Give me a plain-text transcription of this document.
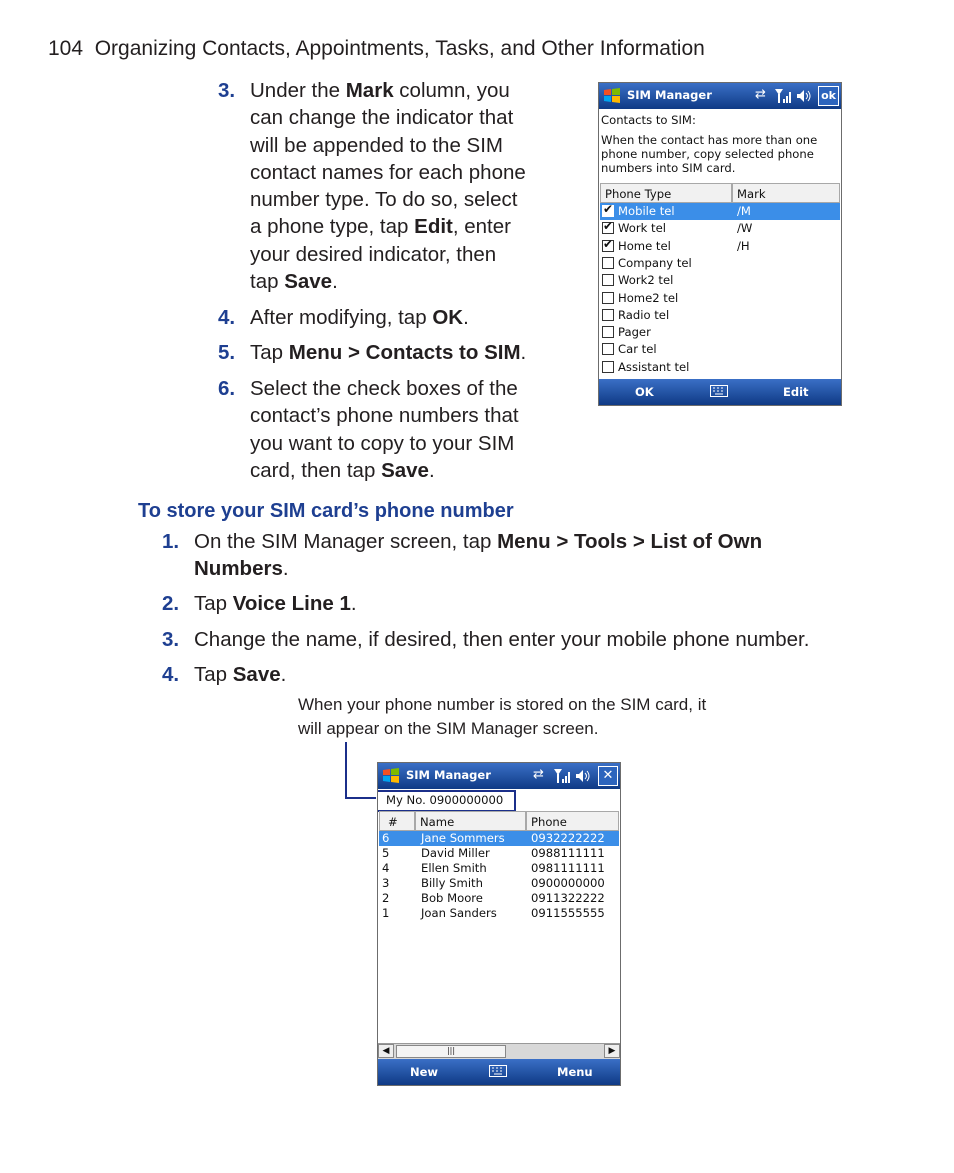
104 Organizing Contacts, Appointments, Tasks, and Other Information
3. Under the Mark column, you
can change the indicator that
will be appended to the SIM
contact names for each phone
number type. To do so, select
a phone type, tap Edit, enter
your desired indicator, then
tap Save.
4. After modifying, tap OK.
5. Tap Menu > Contacts to SIM.
6. Select the check boxes of the
contact’s phone numbers that
you want to copy to your SIM
card, then tap Save.
SIM Manager	⇄	ok
Contacts to SIM:
When the contact has more than one
phone number, copy selected phone
numbers into SIM card.
Phone Type	Mark
✔
Mobile tel	/M
✔
Work tel	/W
✔
Home tel	/H
Company tel
Work2 tel
Home2 tel
Radio tel
Pager
Car tel
Assistant tel
OK	Edit
To store your SIM card’s phone number
1. On the SIM Manager screen, tap Menu > Tools > List of Own
Numbers.
2. Tap Voice Line 1.
3. Change the name, if desired, then enter your mobile phone number.
4. Tap Save.
When your phone number is stored on the SIM card, it will appear on the SIM Manager screen.
SIM Manager	⇄	✕
My No. 0900000000
# Name	Phone
6	Jane Sommers 0932222222
5	David Miller	0988111111
4	Ellen Smith	0981111111
3	Billy Smith	0900000000
2	Bob Moore	0911322222
1	Joan Sanders	0911555555
◀	|||	▶
New	Menu
